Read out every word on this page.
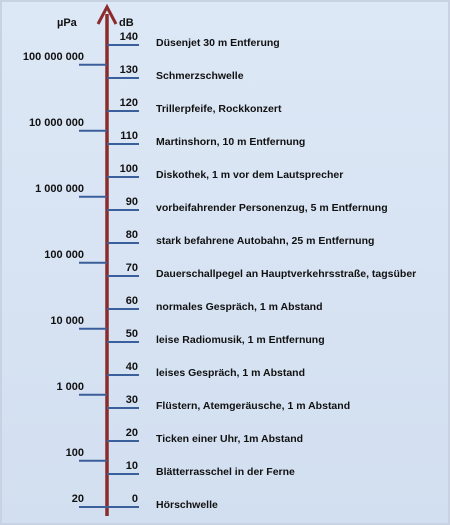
µPa	dB
140 Düsenjet 30 m Entferung
130 Schmerzschwelle
120 Trillerpfeife, Rockkonzert
110 Martinshorn, 10 m Entfernung
100 Diskothek, 1 m vor dem Lautsprecher
90 vorbeifahrender Personenzug, 5 m Entfernung
80 stark befahrene Autobahn, 25 m Entfernung
70 Dauerschallpegel an Hauptverkehrsstraße, tagsüber
60 normales Gespräch, 1 m Abstand
50 leise Radiomusik, 1 m Entfernung
40 leises Gespräch, 1 m Abstand
30 Flüstern, Atemgeräusche, 1 m Abstand
20 Ticken einer Uhr, 1m Abstand
10 Blätterrasschel in der Ferne
0 Hörschwelle
100 000 000
10 000 000
1 000 000
100 000
10 000
1 000
100
20
